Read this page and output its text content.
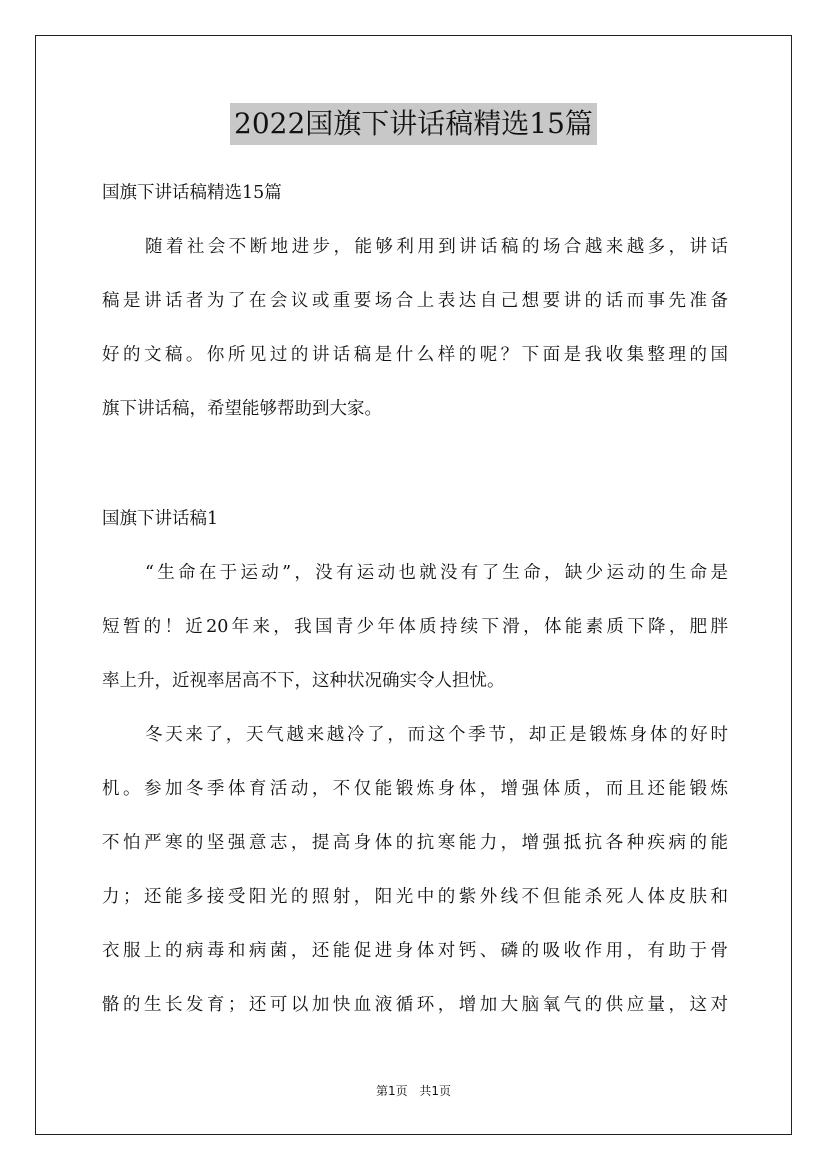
2022国旗下讲话稿精选15篇
国旗下讲话稿精选15篇
随着社会不断地进步，能够利用到讲话稿的场合越来越多，讲话
稿是讲话者为了在会议或重要场合上表达自己想要讲的话而事先准备
好的文稿。你所见过的讲话稿是什么样的呢？下面是我收集整理的国
旗下讲话稿，希望能够帮助到大家。
国旗下讲话稿1
“生命在于运动”，没有运动也就没有了生命，缺少运动的生命是
短暂的！近20年来，我国青少年体质持续下滑，体能素质下降，肥胖
率上升，近视率居高不下，这种状况确实令人担忧。
冬天来了，天气越来越冷了，而这个季节，却正是锻炼身体的好时
机。参加冬季体育活动，不仅能锻炼身体，增强体质，而且还能锻炼
不怕严寒的坚强意志，提高身体的抗寒能力，增强抵抗各种疾病的能
力；还能多接受阳光的照射，阳光中的紫外线不但能杀死人体皮肤和
衣服上的病毒和病菌，还能促进身体对钙、磷的吸收作用，有助于骨
骼的生长发育；还可以加快血液循环，增加大脑氧气的供应量，这对
第1页 共1页
